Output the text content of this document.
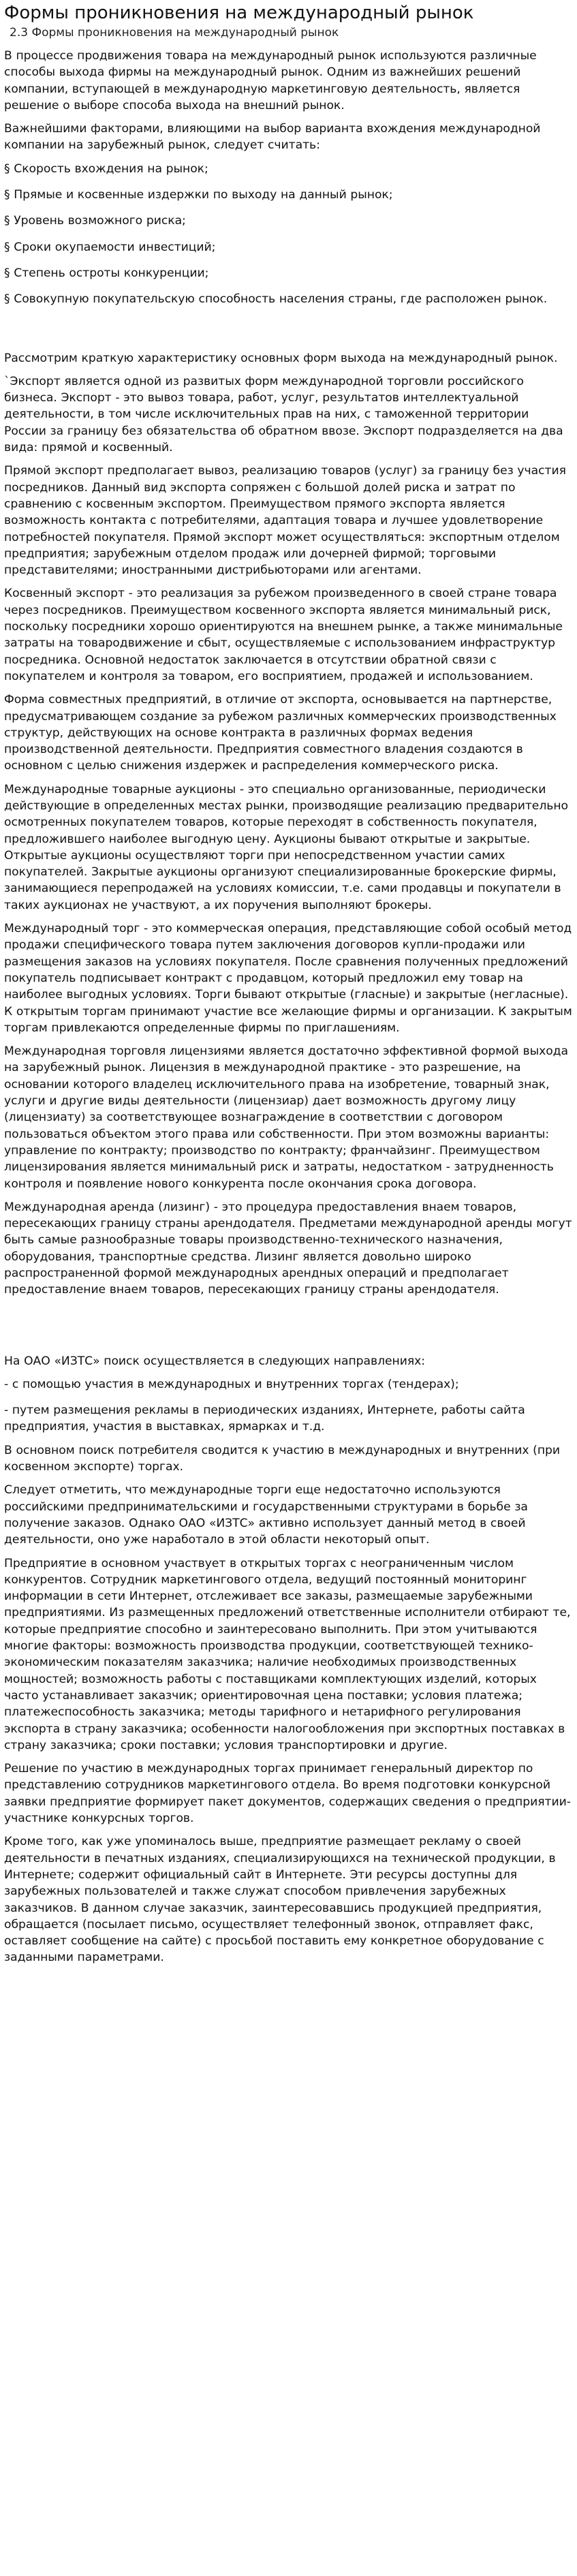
Формы проникновения на международный рынок
2.3 Формы проникновения на международный рынок

В процессе продвижения товара на международный рынок используются различные способы выхода фирмы на международный рынок. Одним из важнейших решений компании, вступающей в международную маркетинговую деятельность, является решение о выборе способа выхода на внешний рынок.

Важнейшими факторами, влияющими на выбор варианта вхождения международной компании на зарубежный рынок, следует считать:

§ Скорость вхождения на рынок;

§ Прямые и косвенные издержки по выходу на данный рынок;

§ Уровень возможного риска;

§ Сроки окупаемости инвестиций;

§ Степень остроты конкуренции;

§ Совокупную покупательскую способность населения страны, где расположен рынок.

Рассмотрим краткую характеристику основных форм выхода на международный рынок.

`Экспорт является одной из развитых форм международной торговли российского бизнеса. Экспорт - это вывоз товара, работ, услуг, результатов интеллектуальной деятельности, в том числе исключительных прав на них, с таможенной территории России за границу без обязательства об обратном ввозе. Экспорт подразделяется на два вида: прямой и косвенный.

Прямой экспорт предполагает вывоз, реализацию товаров (услуг) за границу без участия посредников. Данный вид экспорта сопряжен с большой долей риска и затрат по сравнению с косвенным экспортом. Преимуществом прямого экспорта является возможность контакта с потребителями, адаптация товара и лучшее удовлетворение потребностей покупателя. Прямой экспорт может осуществляться: экспортным отделом предприятия; зарубежным отделом продаж или дочерней фирмой; торговыми представителями; иностранными дистрибьюторами или агентами.

Косвенный экспорт - это реализация за рубежом произведенного в своей стране товара через посредников. Преимуществом косвенного экспорта является минимальный риск, поскольку посредники хорошо ориентируются на внешнем рынке, а также минимальные затраты на товародвижение и сбыт, осуществляемые с использованием инфраструктур посредника. Основной недостаток заключается в отсутствии обратной связи с покупателем и контроля за товаром, его восприятием, продажей и использованием.

Форма совместных предприятий, в отличие от экспорта, основывается на партнерстве, предусматривающем создание за рубежом различных коммерческих производственных структур, действующих на основе контракта в различных формах ведения производственной деятельности. Предприятия совместного владения создаются в основном с целью снижения издержек и распределения коммерческого риска.

Международные товарные аукционы - это специально организованные, периодически действующие в определенных местах рынки, производящие реализацию предварительно осмотренных покупателем товаров, которые переходят в собственность покупателя, предложившего наиболее выгодную цену. Аукционы бывают открытые и закрытые. Открытые аукционы осуществляют торги при непосредственном участии самих покупателей. Закрытые аукционы организуют специализированные брокерские фирмы, занимающиеся перепродажей на условиях комиссии, т.е. сами продавцы и покупатели в таких аукционах не участвуют, а их поручения выполняют брокеры.

Международный торг - это коммерческая операция, представляющие собой особый метод продажи специфического товара путем заключения договоров купли-продажи или размещения заказов на условиях покупателя. После сравнения полученных предложений покупатель подписывает контракт с продавцом, который предложил ему товар на наиболее выгодных условиях. Торги бывают открытые (гласные) и закрытые (негласные). К открытым торгам принимают участие все желающие фирмы и организации. К закрытым торгам привлекаются определенные фирмы по приглашениям.

Международная торговля лицензиями является достаточно эффективной формой выхода на зарубежный рынок. Лицензия в международной практике - это разрешение, на основании которого владелец исключительного права на изобретение, товарный знак, услуги и другие виды деятельности (лицензиар) дает возможность другому лицу (лицензиату) за соответствующее вознаграждение в соответствии с договором пользоваться объектом этого права или собственности. При этом возможны варианты: управление по контракту; производство по контракту; франчайзинг. Преимуществом лицензирования является минимальный риск и затраты, недостатком - затрудненность контроля и появление нового конкурента после окончания срока договора.

Международная аренда (лизинг) - это процедура предоставления внаем товаров, пересекающих границу страны арендодателя. Предметами международной аренды могут быть самые разнообразные товары производственно-технического назначения, оборудования, транспортные средства. Лизинг является довольно широко распространенной формой международных арендных операций и предполагает предоставление внаем товаров, пересекающих границу страны арендодателя.

На ОАО «ИЗТС» поиск осуществляется в следующих направлениях:

- с помощью участия в международных и внутренних торгах (тендерах);

- путем размещения рекламы в периодических изданиях, Интернете, работы сайта предприятия, участия в выставках, ярмарках и т.д.

В основном поиск потребителя сводится к участию в международных и внутренних (при косвенном экспорте) торгах.

Следует отметить, что международные торги еще недостаточно используются российскими предпринимательскими и государственными структурами в борьбе за получение заказов. Однако ОАО «ИЗТС» активно использует данный метод в своей деятельности, оно уже наработало в этой области некоторый опыт.

Предприятие в основном участвует в открытых торгах с неограниченным числом конкурентов. Сотрудник маркетингового отдела, ведущий постоянный мониторинг информации в сети Интернет, отслеживает все заказы, размещаемые зарубежными предприятиями. Из размещенных предложений ответственные исполнители отбирают те, которые предприятие способно и заинтересовано выполнить. При этом учитываются многие факторы: возможность производства продукции, соответствующей технико-экономическим показателям заказчика; наличие необходимых производственных мощностей; возможность работы с поставщиками комплектующих изделий, которых часто устанавливает заказчик; ориентировочная цена поставки; условия платежа; платежеспособность заказчика; методы тарифного и нетарифного регулирования экспорта в страну заказчика; особенности налогообложения при экспортных поставках в страну заказчика; сроки поставки; условия транспортировки и другие.

Решение по участию в международных торгах принимает генеральный директор по представлению сотрудников маркетингового отдела. Во время подготовки конкурсной заявки предприятие формирует пакет документов, содержащих сведения о предприятии-участнике конкурсных торгов.

Кроме того, как уже упоминалось выше, предприятие размещает рекламу о своей деятельности в печатных изданиях, специализирующихся на технической продукции, в Интернете; содержит официальный сайт в Интернете. Эти ресурсы доступны для зарубежных пользователей и также служат способом привлечения зарубежных заказчиков. В данном случае заказчик, заинтересовавшись продукцией предприятия, обращается (посылает письмо, осуществляет телефонный звонок, отправляет факс, оставляет сообщение на сайте) с просьбой поставить ему конкретное оборудование с заданными параметрами.
